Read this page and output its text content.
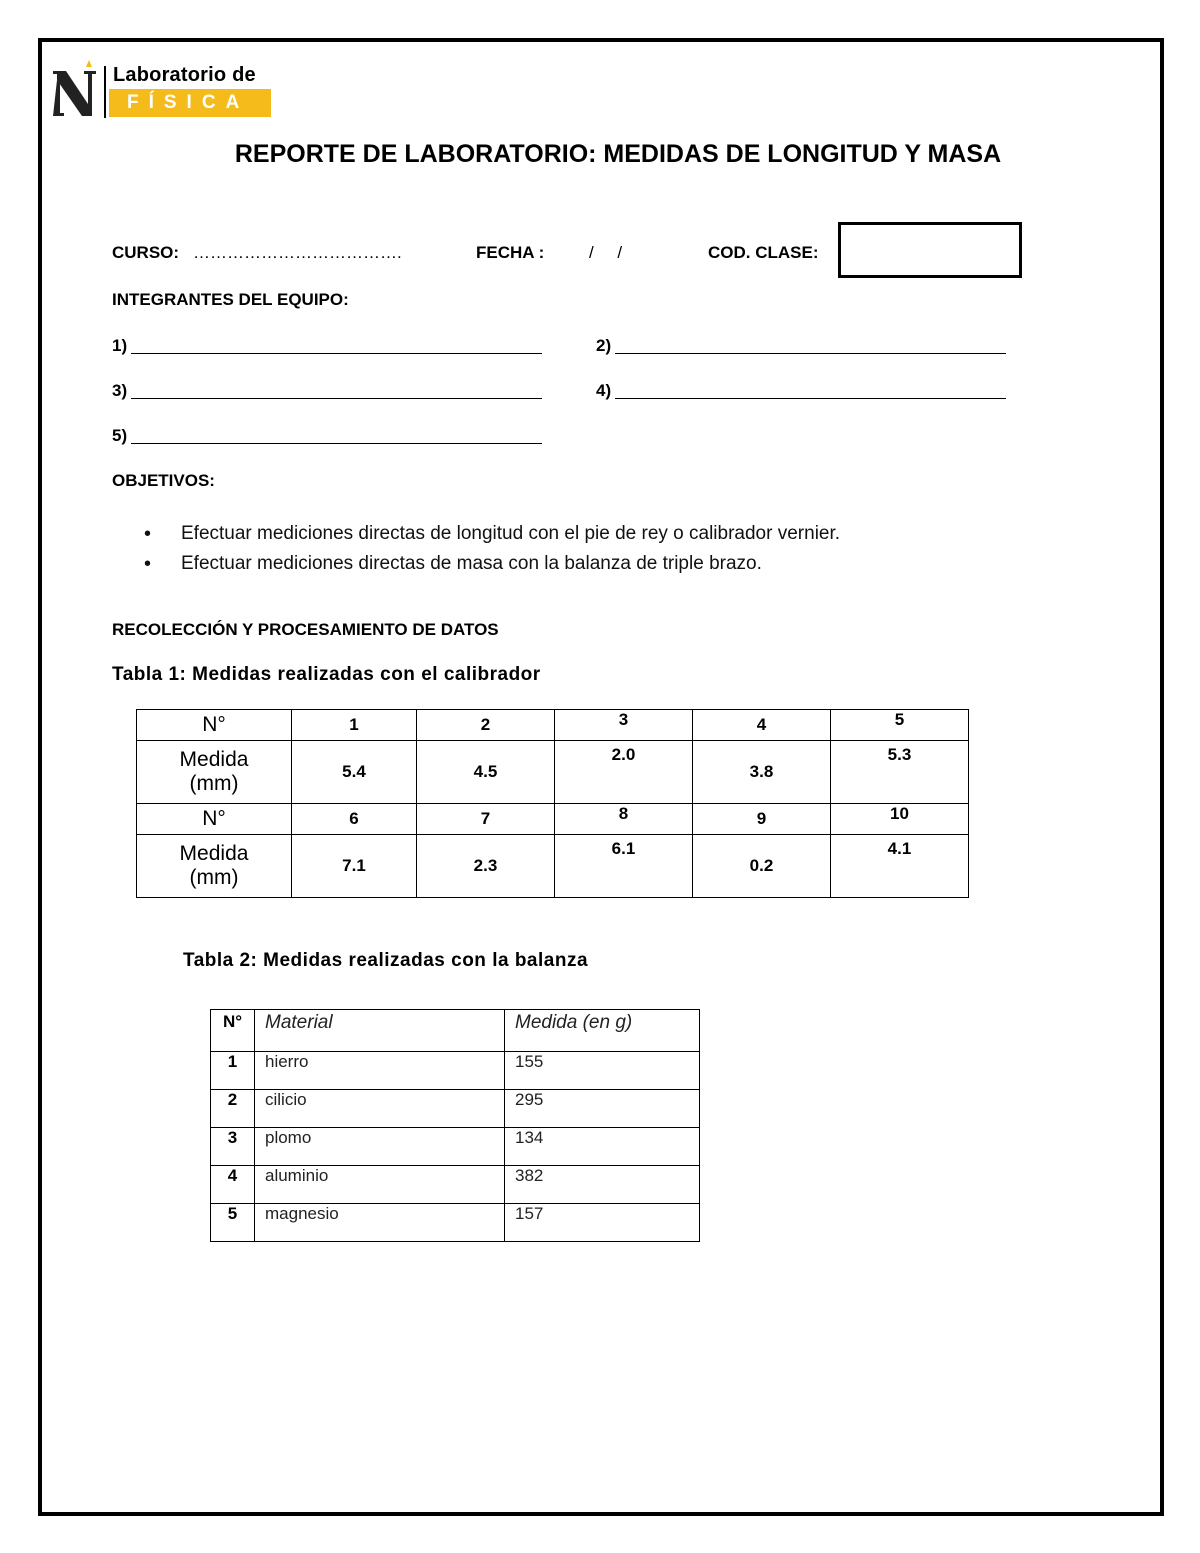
Laboratorio de
FÍSICA
REPORTE DE LABORATORIO: MEDIDAS DE LONGITUD Y MASA
CURSO: ……………………………….	FECHA :	/     /	COD. CLASE:
INTEGRANTES DEL EQUIPO:
1)	2)
3)	4)
5)
OBJETIVOS:
• Efectuar mediciones directas de longitud con el pie de rey o calibrador vernier.
• Efectuar mediciones directas de masa con la balanza de triple brazo.
RECOLECCIÓN Y PROCESAMIENTO DE DATOS
Tabla 1: Medidas realizadas con el calibrador
N°	1	2	3	4	5
Medida
(mm)	5.4	4.5	2.0	3.8	5.3
N°	6	7	8	9	10
Medida
(mm)	7.1	2.3	6.1	0.2	4.1
Tabla 2: Medidas realizadas con la balanza
N°	Material	Medida (en g)
1	hierro	155
2	cilicio	295
3	plomo	134
4	aluminio	382
5	magnesio	157
